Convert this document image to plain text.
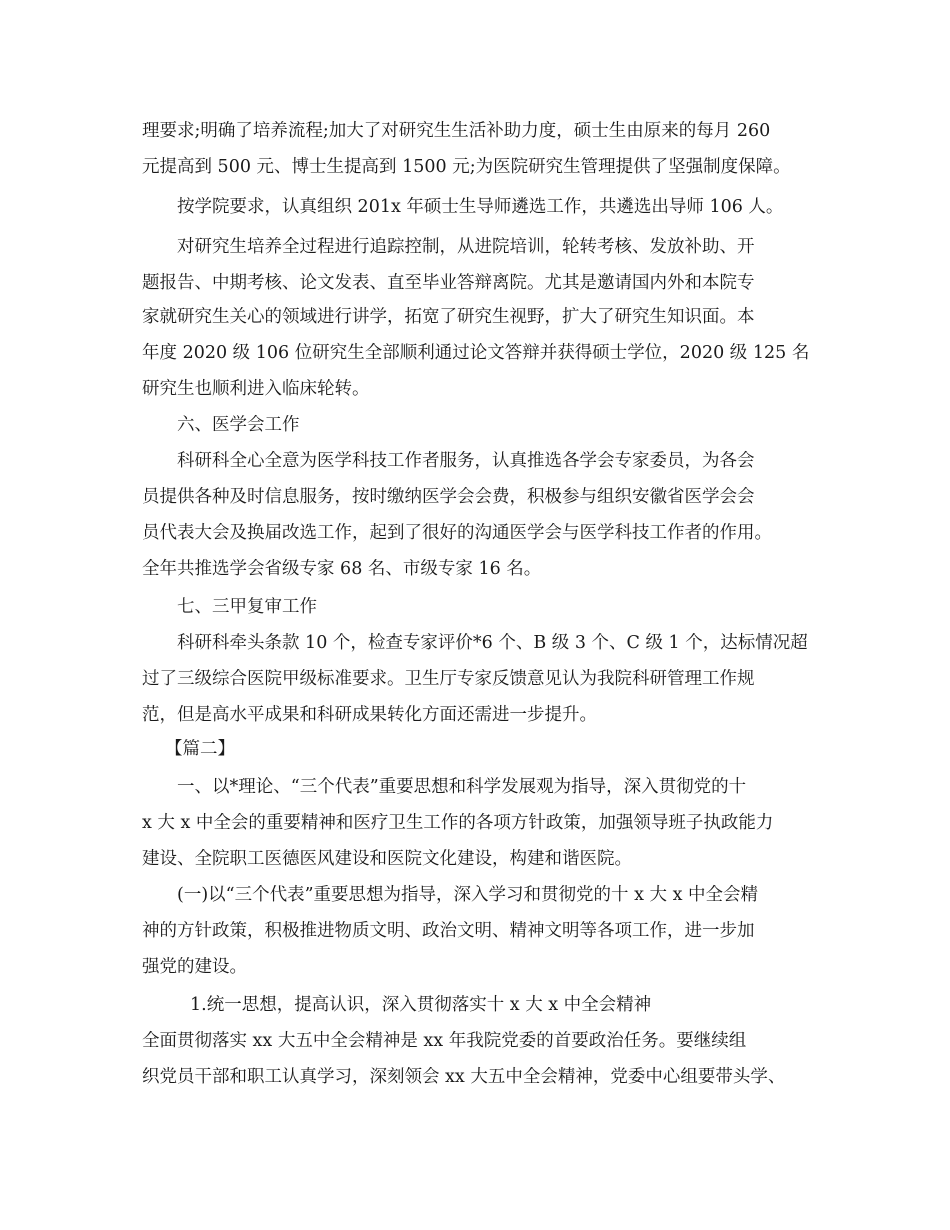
理要求;明确了培养流程;加大了对研究生生活补助力度，硕士生由原来的每月 260
元提高到 500 元、博士生提高到 1500 元;为医院研究生管理提供了坚强制度保障。
按学院要求，认真组织 201x 年硕士生导师遴选工作，共遴选出导师 106 人。
对研究生培养全过程进行追踪控制，从进院培训，轮转考核、发放补助、开
题报告、中期考核、论文发表、直至毕业答辩离院。尤其是邀请国内外和本院专
家就研究生关心的领域进行讲学，拓宽了研究生视野，扩大了研究生知识面。本
年度 2020 级 106 位研究生全部顺利通过论文答辩并获得硕士学位，2020 级 125 名
研究生也顺利进入临床轮转。
六、医学会工作
科研科全心全意为医学科技工作者服务，认真推选各学会专家委员，为各会
员提供各种及时信息服务，按时缴纳医学会会费，积极参与组织安徽省医学会会
员代表大会及换届改选工作，起到了很好的沟通医学会与医学科技工作者的作用。
全年共推选学会省级专家 68 名、市级专家 16 名。
七、三甲复审工作
科研科牵头条款 10 个，检查专家评价*6 个、B 级 3 个、C 级 1 个，达标情况超
过了三级综合医院甲级标准要求。卫生厅专家反馈意见认为我院科研管理工作规
范，但是高水平成果和科研成果转化方面还需进一步提升。
【篇二】
一、以*理论、“三个代表”重要思想和科学发展观为指导，深入贯彻党的十
x 大 x 中全会的重要精神和医疗卫生工作的各项方针政策，加强领导班子执政能力
建设、全院职工医德医风建设和医院文化建设，构建和谐医院。
(一)以“三个代表”重要思想为指导，深入学习和贯彻党的十 x 大 x 中全会精
神的方针政策，积极推进物质文明、政治文明、精神文明等各项工作，进一步加
强党的建设。
1.统一思想，提高认识，深入贯彻落实十 x 大 x 中全会精神
全面贯彻落实 xx 大五中全会精神是 xx 年我院党委的首要政治任务。要继续组
织党员干部和职工认真学习，深刻领会 xx 大五中全会精神，党委中心组要带头学、
